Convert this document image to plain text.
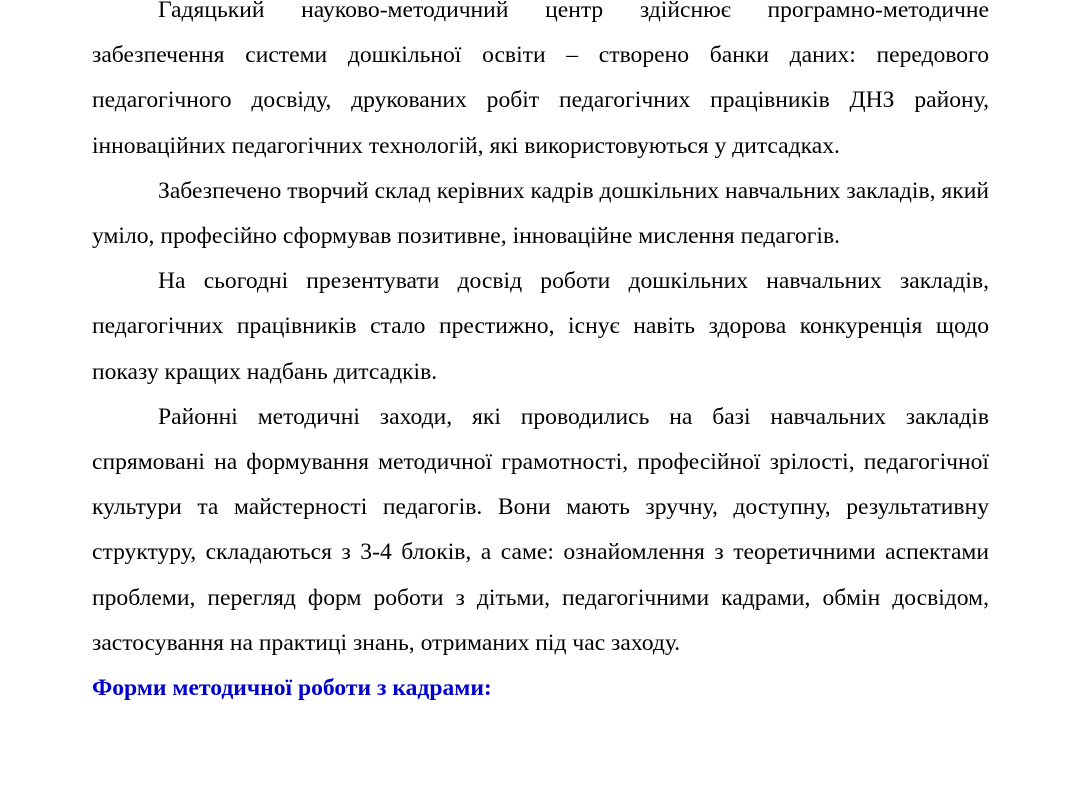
Гадяцький науково-методичний центр здійснює програмно-методичне забезпечення системи дошкільної освіти – створено банки даних: передового педагогічного досвіду, друкованих робіт педагогічних працівників ДНЗ району, інноваційних педагогічних технологій, які використовуються у дитсадках.

Забезпечено творчий склад керівних кадрів дошкільних навчальних закладів, який уміло, професійно сформував позитивне, інноваційне мислення педагогів.

На сьогодні презентувати досвід роботи дошкільних навчальних закладів, педагогічних працівників стало престижно, існує навіть здорова конкуренція щодо показу кращих надбань дитсадків.

Районні методичні заходи, які проводились на базі навчальних закладів спрямовані на формування методичної грамотності, професійної зрілості, педагогічної культури та майстерності педагогів. Вони мають зручну, доступну, результативну структуру, складаються з 3-4 блоків, а саме: ознайомлення з теоретичними аспектами проблеми, перегляд форм роботи з дітьми, педагогічними кадрами, обмін досвідом, застосування на практиці знань, отриманих під час заходу.

Форми методичної роботи з кадрами:
